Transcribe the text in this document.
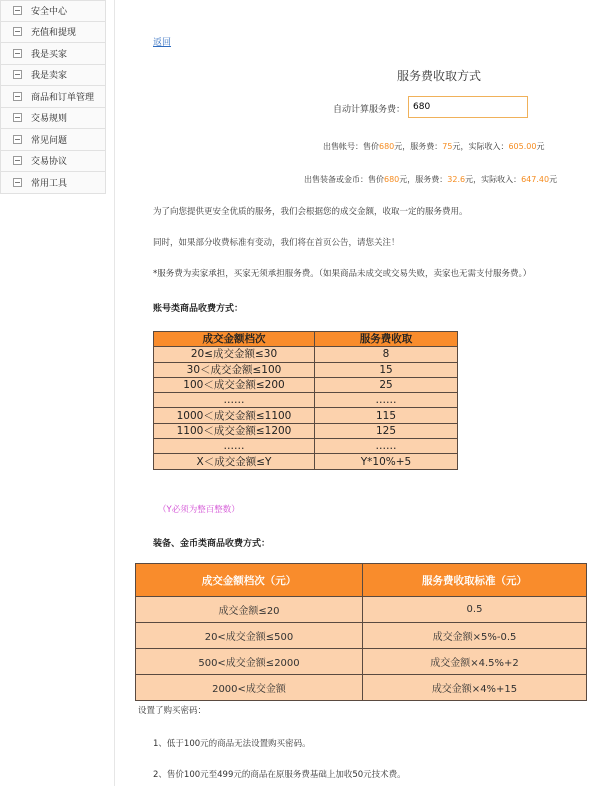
安全中心
充值和提现
我是买家
我是卖家
商品和订单管理
交易规则
常见问题
交易协议
常用工具
返回
服务费收取方式
自动计算服务费：
680
出售帐号：售价680元，服务费：75元，实际收入：605.00元
出售装备或金币：售价680元，服务费：32.6元，实际收入：647.40元
为了向您提供更安全优质的服务，我们会根据您的成交金额，收取一定的服务费用。
同时，如果部分收费标准有变动，我们将在首页公告，请您关注！
*服务费为卖家承担，买家无须承担服务费。（如果商品未成交或交易失败，卖家也无需支付服务费。）
账号类商品收费方式：
成交金额档次	服务费收取
20≤成交金额≤30	8
30＜成交金额≤100	15
100＜成交金额≤200	25
……	……
1000＜成交金额≤1100	115
1100＜成交金额≤1200	125
……	……
X＜成交金额≤Y	Y*10%+5
（Y必须为整百整数）
装备、金币类商品收费方式：
成交金额档次（元）	服务费收取标准（元）
成交金额≤20	0.5
20<成交金额≤500	成交金额×5%-0.5
500<成交金额≤2000	成交金额×4.5%+2
2000<成交金额	成交金额×4%+15
设置了购买密码：
1、低于100元的商品无法设置购买密码。
2、售价100元至499元的商品在原服务费基础上加收50元技术费。
